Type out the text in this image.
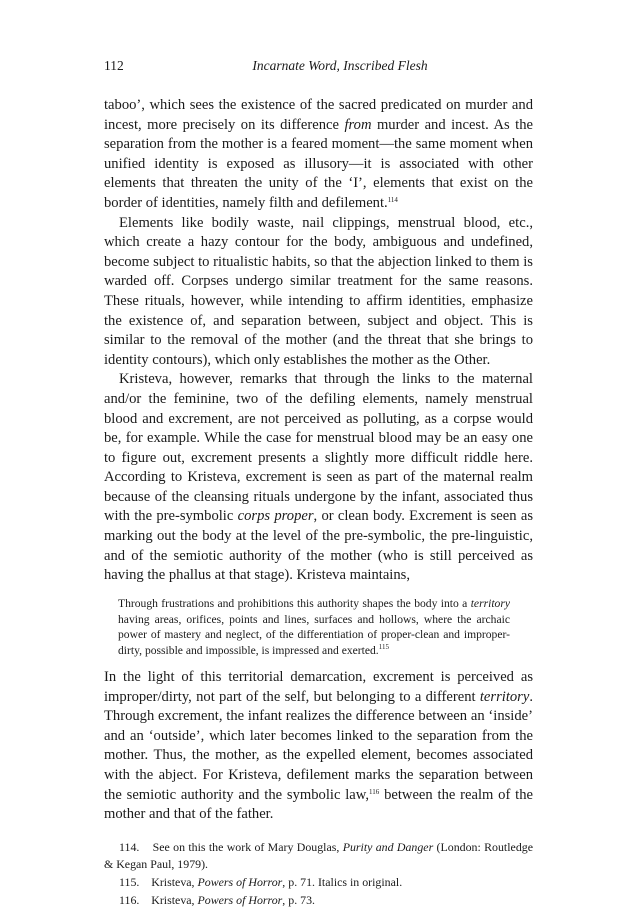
112	Incarnate Word, Inscribed Flesh

taboo’, which sees the existence of the sacred predicated on murder and incest, more precisely on its difference from murder and incest. As the separation from the mother is a feared moment—the same moment when unified identity is exposed as illusory—it is associated with other elements that threaten the unity of the ‘I’, elements that exist on the border of identities, namely filth and defilement.$^{114}$

Elements like bodily waste, nail clippings, menstrual blood, etc., which create a hazy contour for the body, ambiguous and undefined, become subject to ritualistic habits, so that the abjection linked to them is warded off. Corpses undergo similar treatment for the same reasons. These rituals, however, while intending to affirm identities, emphasize the existence of, and separation between, subject and object. This is similar to the removal of the mother (and the threat that she brings to identity contours), which only establishes the mother as the Other.

Kristeva, however, remarks that through the links to the maternal and/or the feminine, two of the defiling elements, namely menstrual blood and excrement, are not perceived as polluting, as a corpse would be, for example. While the case for menstrual blood may be an easy one to figure out, excrement presents a slightly more difficult riddle here. According to Kristeva, excrement is seen as part of the maternal realm because of the cleansing rituals undergone by the infant, associated thus with the pre-symbolic corps proper, or clean body. Excrement is seen as marking out the body at the level of the pre-symbolic, the pre-linguistic, and of the semiotic authority of the mother (who is still perceived as having the phallus at that stage). Kristeva maintains,

Through frustrations and prohibitions this authority shapes the body into a territory having areas, orifices, points and lines, surfaces and hollows, where the archaic power of mastery and neglect, of the differentiation of proper-clean and improper-dirty, possible and impossible, is impressed and exerted.$^{115}$

In the light of this territorial demarcation, excrement is perceived as improper/dirty, not part of the self, but belonging to a different territory. Through excrement, the infant realizes the difference between an ‘inside’ and an ‘outside’, which later becomes linked to the separation from the mother. Thus, the mother, as the expelled element, becomes associated with the abject. For Kristeva, defilement marks the separation between the semiotic authority and the symbolic law,$^{116}$ between the realm of the mother and that of the father.

114. See on this the work of Mary Douglas, Purity and Danger (London: Routledge & Kegan Paul, 1979).
115. Kristeva, Powers of Horror, p. 71. Italics in original.
116. Kristeva, Powers of Horror, p. 73.
